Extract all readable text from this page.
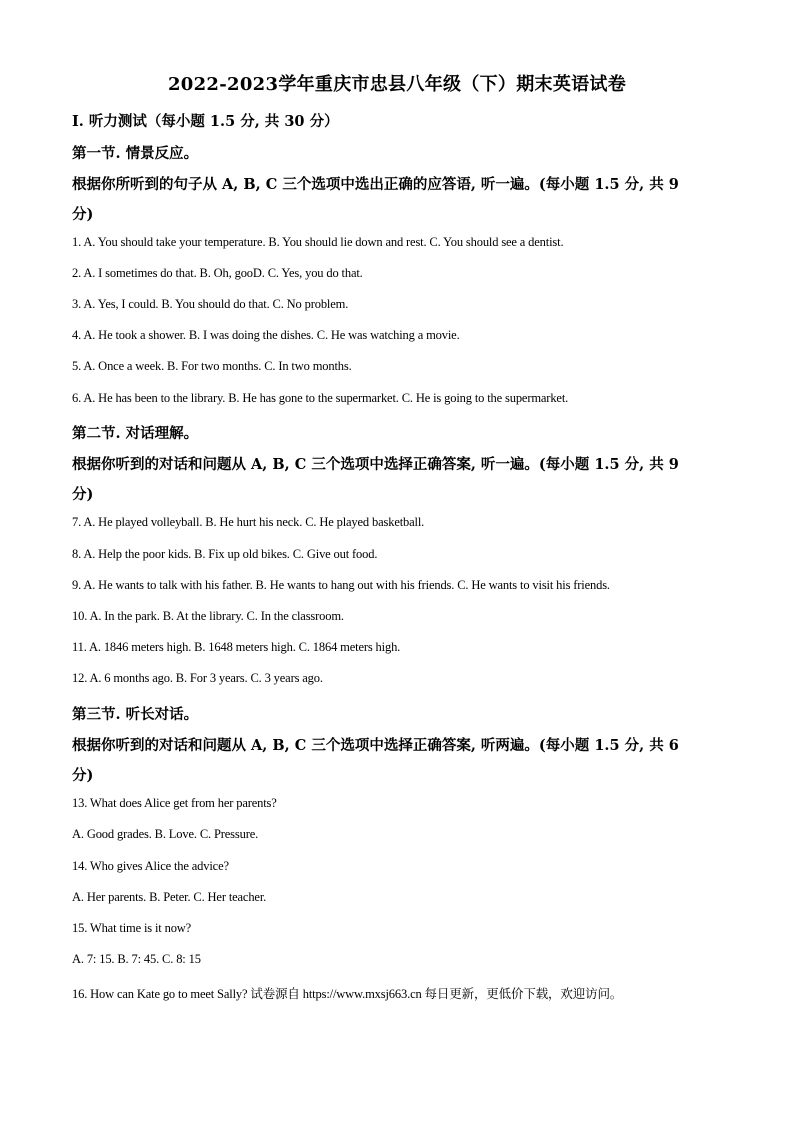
2022-2023学年重庆市忠县八年级（下）期末英语试卷
I. 听力测试（每小题 1.5 分, 共 30 分）
第一节. 情景反应。
根据你所听到的句子从 A, B, C 三个选项中选出正确的应答语, 听一遍。(每小题 1.5 分, 共 9
分)
1. A. You should take your temperature. B. You should lie down and rest. C. You should see a dentist.
2. A. I sometimes do that. B. Oh, gooD. C. Yes, you do that.
3. A. Yes, I could. B. You should do that. C. No problem.
4. A. He took a shower. B. I was doing the dishes. C. He was watching a movie.
5. A. Once a week. B. For two months. C. In two months.
6. A. He has been to the library. B. He has gone to the supermarket. C. He is going to the supermarket.
第二节. 对话理解。
根据你听到的对话和问题从 A, B, C 三个选项中选择正确答案, 听一遍。(每小题 1.5 分, 共 9
分)
7. A. He played volleyball. B. He hurt his neck. C. He played basketball.
8. A. Help the poor kids. B. Fix up old bikes. C. Give out food.
9. A. He wants to talk with his father. B. He wants to hang out with his friends. C. He wants to visit his friends.
10. A. In the park. B. At the library. C. In the classroom.
11. A. 1846 meters high. B. 1648 meters high. C. 1864 meters high.
12. A. 6 months ago. B. For 3 years. C. 3 years ago.
第三节. 听长对话。
根据你听到的对话和问题从 A, B, C 三个选项中选择正确答案, 听两遍。(每小题 1.5 分, 共 6
分)
13. What does Alice get from her parents?
A. Good grades. B. Love. C. Pressure.
14. Who gives Alice the advice?
A. Her parents. B. Peter. C. Her teacher.
15. What time is it now?
A. 7: 15. B. 7: 45. C. 8: 15
16. How can Kate go to meet Sally? 试卷源自 https://www.mxsj663.cn 每日更新，更低价下载，欢迎访问。
